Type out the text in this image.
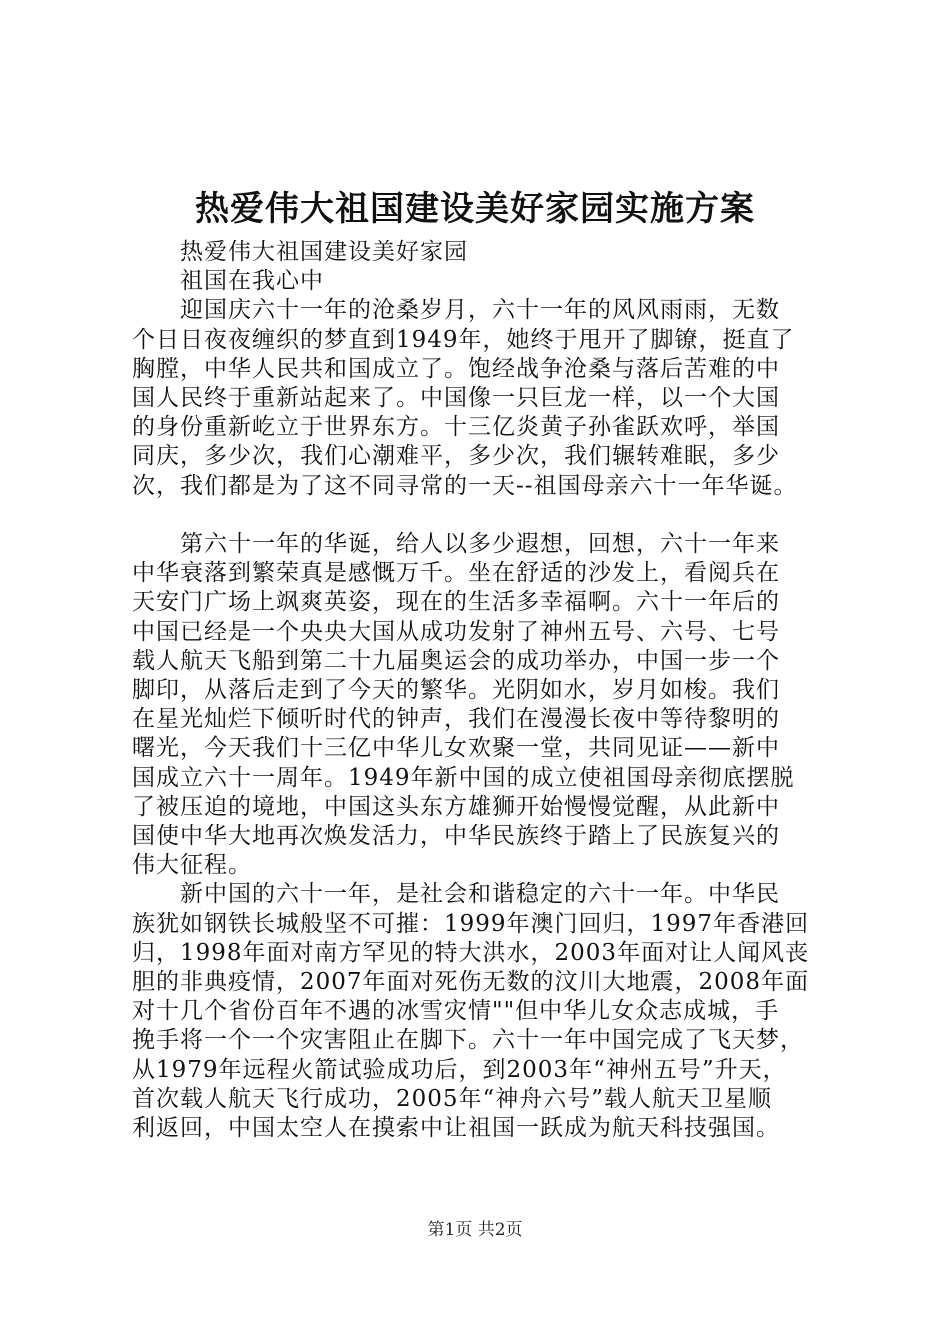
热爱伟大祖国建设美好家园实施方案

热爱伟大祖国建设美好家园

祖国在我心中

迎国庆六十一年的沧桑岁月，六十一年的风风雨雨，无数

个日日夜夜缠织的梦直到1949年，她终于甩开了脚镣，挺直了

胸膛，中华人民共和国成立了。饱经战争沧桑与落后苦难的中

国人民终于重新站起来了。中国像一只巨龙一样，以一个大国

的身份重新屹立于世界东方。十三亿炎黄子孙雀跃欢呼，举国

同庆，多少次，我们心潮难平，多少次，我们辗转难眠，多少

次，我们都是为了这不同寻常的一天--祖国母亲六十一年华诞。

第六十一年的华诞，给人以多少遐想，回想，六十一年来

中华衰落到繁荣真是感慨万千。坐在舒适的沙发上，看阅兵在

天安门广场上飒爽英姿，现在的生活多幸福啊。六十一年后的

中国已经是一个央央大国从成功发射了神州五号、六号、七号

载人航天飞船到第二十九届奥运会的成功举办，中国一步一个

脚印，从落后走到了今天的繁华。光阴如水，岁月如梭。我们

在星光灿烂下倾听时代的钟声，我们在漫漫长夜中等待黎明的

曙光，今天我们十三亿中华儿女欢聚一堂，共同见证——新中

国成立六十一周年。1949年新中国的成立使祖国母亲彻底摆脱

了被压迫的境地，中国这头东方雄狮开始慢慢觉醒，从此新中

国使中华大地再次焕发活力，中华民族终于踏上了民族复兴的

伟大征程。

新中国的六十一年，是社会和谐稳定的六十一年。中华民

族犹如钢铁长城般坚不可摧：1999年澳门回归，1997年香港回

归，1998年面对南方罕见的特大洪水，2003年面对让人闻风丧

胆的非典疫情，2007年面对死伤无数的汶川大地震，2008年面

对十几个省份百年不遇的冰雪灾情""但中华儿女众志成城，手

挽手将一个一个灾害阻止在脚下。六十一年中国完成了飞天梦，

从1979年远程火箭试验成功后，到2003年“神州五号”升天，

首次载人航天飞行成功，2005年“神舟六号”载人航天卫星顺

利返回，中国太空人在摸索中让祖国一跃成为航天科技强国。

第1页 共2页
